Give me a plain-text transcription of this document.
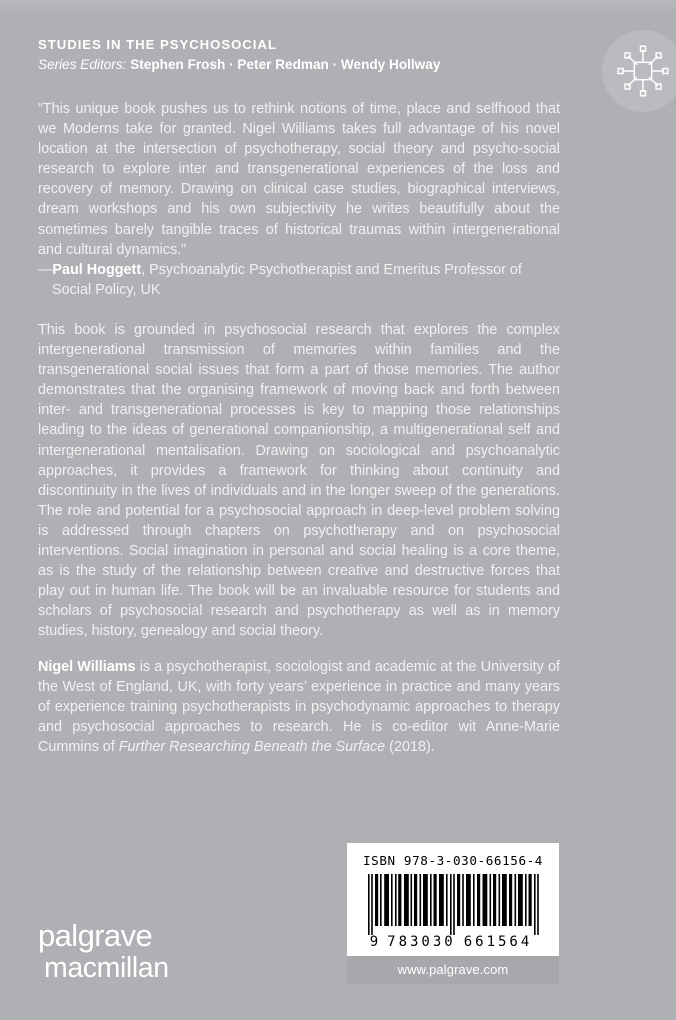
STUDIES IN THE PSYCHOSOCIAL
Series Editors: Stephen Frosh · Peter Redman · Wendy Hollway

“This unique book pushes us to rethink notions of time, place and selfhood that we Moderns take for granted. Nigel Williams takes full advantage of his novel location at the intersection of psychotherapy, social theory and psycho-social research to explore inter and transgenerational experiences of the loss and recovery of memory. Drawing on clinical case studies, biographical interviews, dream workshops and his own subjectivity he writes beautifully about the sometimes barely tangible traces of historical traumas within intergenerational and cultural dynamics.”

—Paul Hoggett, Psychoanalytic Psychotherapist and Emeritus Professor of Social Policy, UK

This book is grounded in psychosocial research that explores the complex intergenerational transmission of memories within families and the transgenerational social issues that form a part of those memories. The author demonstrates that the organising framework of moving back and forth between inter- and transgenerational processes is key to mapping those relationships leading to the ideas of generational companionship, a multigenerational self and intergenerational mentalisation. Drawing on sociological and psychoanalytic approaches, it provides a framework for thinking about continuity and discontinuity in the lives of individuals and in the longer sweep of the generations. The role and potential for a psychosocial approach in deep-level problem solving is addressed through chapters on psychotherapy and on psychosocial interventions. Social imagination in personal and social healing is a core theme, as is the study of the relationship between creative and destructive forces that play out in human life. The book will be an invaluable resource for students and scholars of psychosocial research and psychotherapy as well as in memory studies, history, genealogy and social theory.

Nigel Williams is a psychotherapist, sociologist and academic at the University of the West of England, UK, with forty years’ experience in practice and many years of experience training psychotherapists in psychodynamic approaches to therapy and psychosocial approaches to research. He is co-editor wit Anne-Marie Cummins of Further Researching Beneath the Surface (2018).

palgrave
macmillan
ISBN 978-3-030-66156-4
9 783030 661564
www.palgrave.com
